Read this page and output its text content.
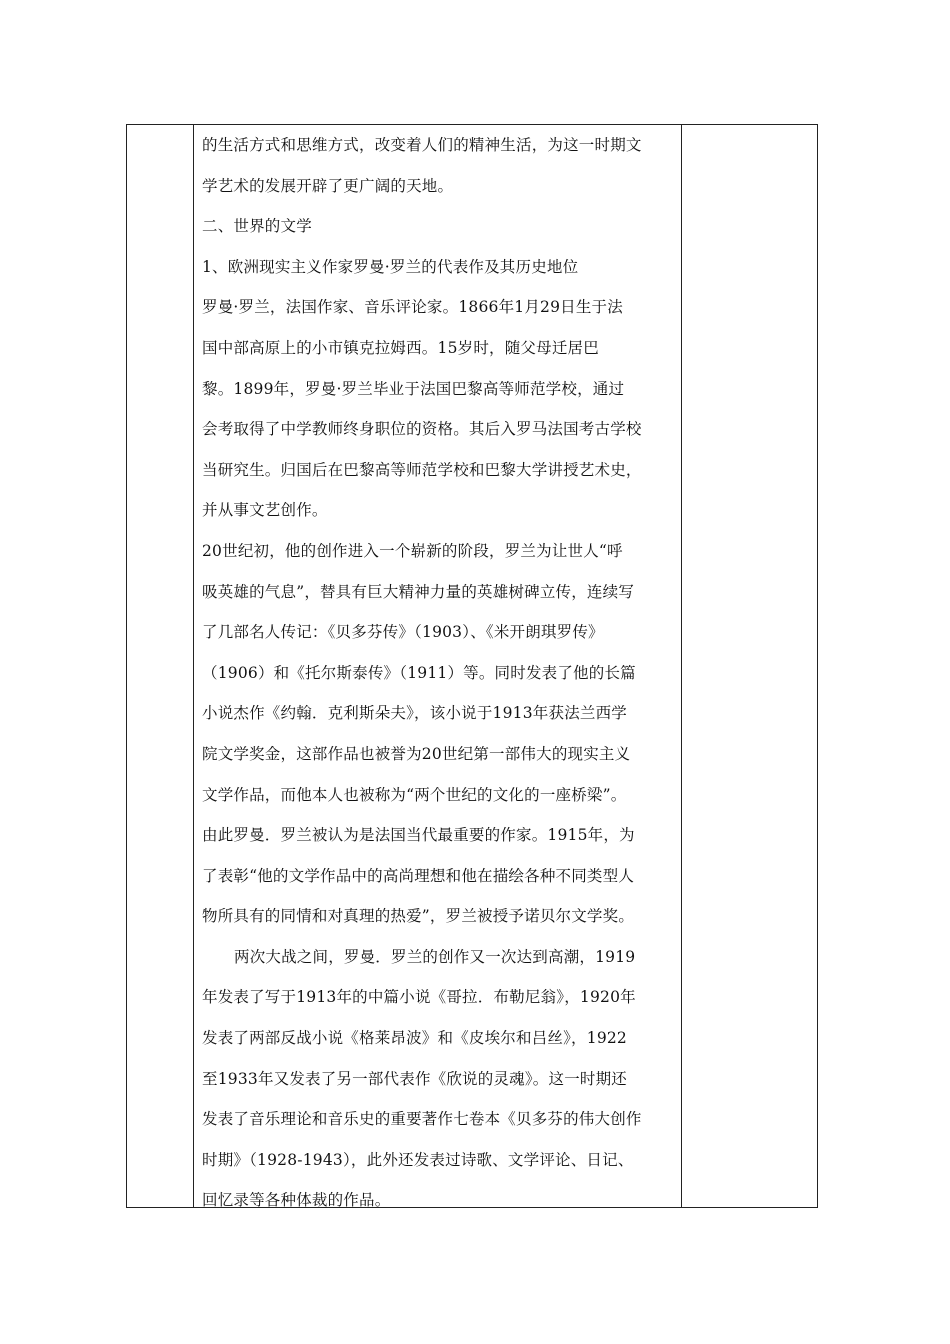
的生活方式和思维方式，改变着人们的精神生活，为这一时期文
学艺术的发展开辟了更广阔的天地。
二、世界的文学
1、欧洲现实主义作家罗曼·罗兰的代表作及其历史地位
罗曼·罗兰，法国作家、音乐评论家。1866年1月29日生于法
国中部高原上的小市镇克拉姆西。15岁时，随父母迁居巴
黎。1899年，罗曼·罗兰毕业于法国巴黎高等师范学校，通过
会考取得了中学教师终身职位的资格。其后入罗马法国考古学校
当研究生。归国后在巴黎高等师范学校和巴黎大学讲授艺术史，
并从事文艺创作。
20世纪初，他的创作进入一个崭新的阶段，罗兰为让世人“呼
吸英雄的气息”，替具有巨大精神力量的英雄树碑立传，连续写
了几部名人传记：《贝多芬传》（1903）、《米开朗琪罗传》
（1906）和《托尔斯泰传》（1911）等。同时发表了他的长篇
小说杰作《约翰．克利斯朵夫》，该小说于1913年获法兰西学
院文学奖金，这部作品也被誉为20世纪第一部伟大的现实主义
文学作品，而他本人也被称为“两个世纪的文化的一座桥梁”。
由此罗曼．罗兰被认为是法国当代最重要的作家。1915年，为
了表彰“他的文学作品中的高尚理想和他在描绘各种不同类型人
物所具有的同情和对真理的热爱”，罗兰被授予诺贝尔文学奖。
两次大战之间，罗曼．罗兰的创作又一次达到高潮，1919
年发表了写于1913年的中篇小说《哥拉．布勒尼翁》，1920年
发表了两部反战小说《格莱昂波》和《皮埃尔和吕丝》，1922
至1933年又发表了另一部代表作《欣说的灵魂》。这一时期还
发表了音乐理论和音乐史的重要著作七卷本《贝多芬的伟大创作
时期》（1928-1943），此外还发表过诗歌、文学评论、日记、
回忆录等各种体裁的作品。
